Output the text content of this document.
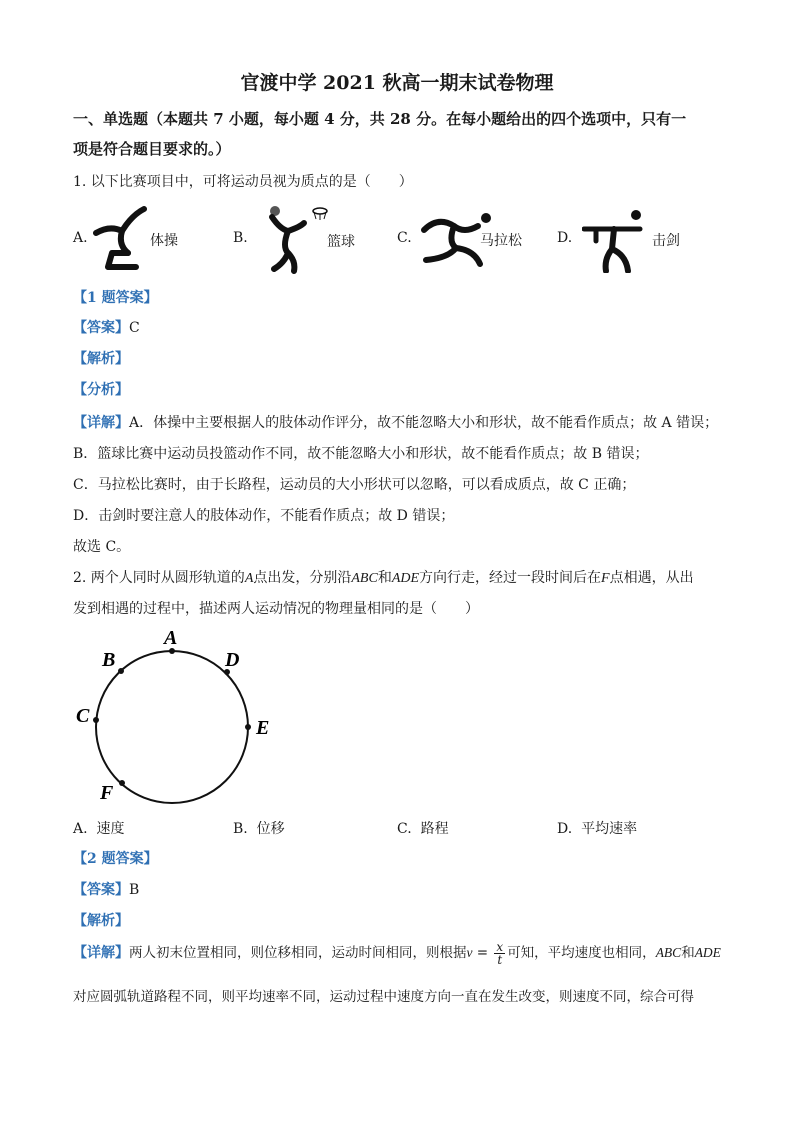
官渡中学 2021 秋高一期末试卷物理
一、单选题（本题共 7 小题，每小题 4 分，共 28 分。在每小题给出的四个选项中，只有一
项是符合题目要求的。）
1. 以下比赛项目中，可将运动员视为质点的是（　　）
A.	体操	B.	篮球	C.	马拉松	D.	击剑
【1 题答案】
【答案】C
【解析】
【分析】
【详解】A．体操中主要根据人的肢体动作评分，故不能忽略大小和形状，故不能看作质点；故 A 错误；
B．篮球比赛中运动员投篮动作不同，故不能忽略大小和形状，故不能看作质点；故 B 错误；
C．马拉松比赛时，由于长路程，运动员的大小形状可以忽略，可以看成质点，故 C 正确；
D．击剑时要注意人的肢体动作，不能看作质点；故 D 错误；
故选 C。
2. 两个人同时从圆形轨道的A点出发，分别沿ABC和ADE方向行走，经过一段时间后在F点相遇，从出
发到相遇的过程中，描述两人运动情况的物理量相同的是（　　）
A
B	D
C
E
F
A. 速度	B. 位移	C. 路程	D. 平均速率
【2 题答案】
【答案】B
【解析】
【详解】两人初末位置相同，则位移相同，运动时间相同，则根据$v = \frac{x}{t}$ 可知，平均速度也相同，ABC和ADE
对应圆弧轨道路程不同，则平均速率不同，运动过程中速度方向一直在发生改变，则速度不同，综合可得
